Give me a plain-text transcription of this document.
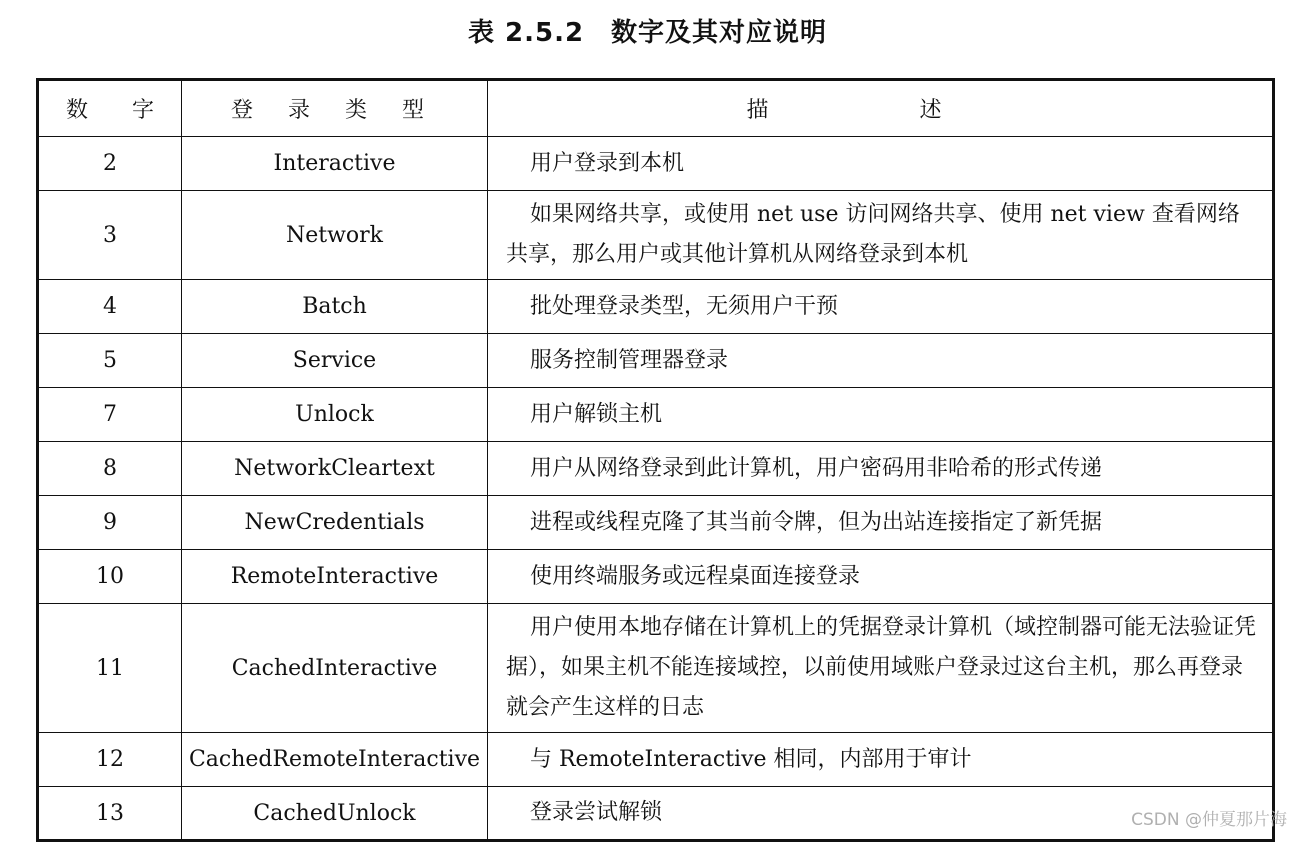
表 2.5.2　数字及其对应说明
数　　字	登 录 类 型	描 述
2	Interactive	用户登录到本机
3	Network	如果网络共享，或使用 net use 访问网络共享、使用 net view 查看网络共享，那么用户或其他计算机从网络登录到本机
4	Batch	批处理登录类型，无须用户干预
5	Service	服务控制管理器登录
7	Unlock	用户解锁主机
8	NetworkCleartext	用户从网络登录到此计算机，用户密码用非哈希的形式传递
9	NewCredentials	进程或线程克隆了其当前令牌，但为出站连接指定了新凭据
10	RemoteInteractive	使用终端服务或远程桌面连接登录
11	CachedInteractive	用户使用本地存储在计算机上的凭据登录计算机（域控制器可能无法验证凭据），如果主机不能连接域控，以前使用域账户登录过这台主机，那么再登录就会产生这样的日志
12	CachedRemoteInteractive	与 RemoteInteractive 相同，内部用于审计
13	CachedUnlock	登录尝试解锁	CSDN @仲夏那片海
